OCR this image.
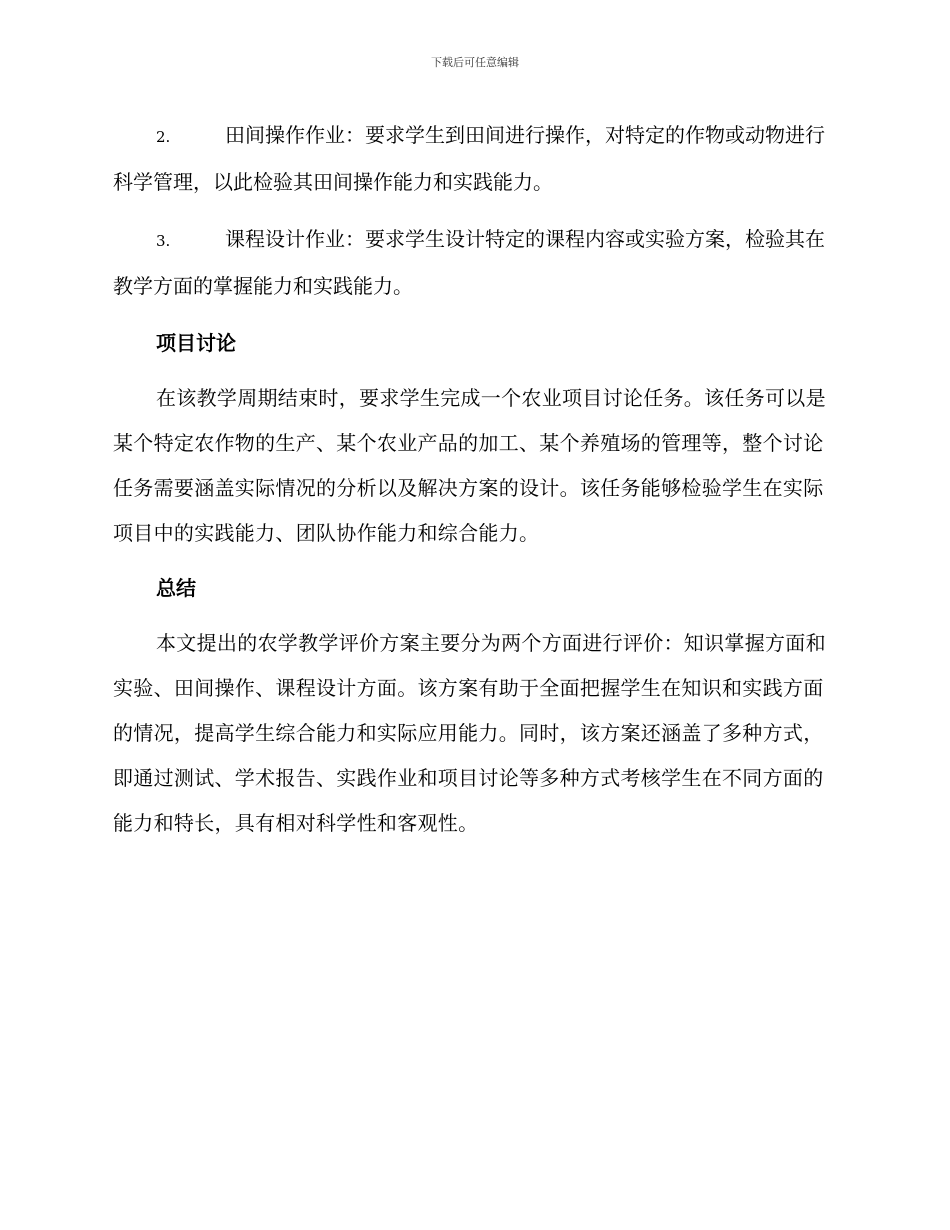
下载后可任意编辑

2.	田间操作作业：要求学生到田间进行操作，对特定的作物或动物进行科学管理，以此检验其田间操作能力和实践能力。

3.	课程设计作业：要求学生设计特定的课程内容或实验方案，检验其在教学方面的掌握能力和实践能力。

项目讨论

在该教学周期结束时，要求学生完成一个农业项目讨论任务。该任务可以是某个特定农作物的生产、某个农业产品的加工、某个养殖场的管理等，整个讨论任务需要涵盖实际情况的分析以及解决方案的设计。该任务能够检验学生在实际项目中的实践能力、团队协作能力和综合能力。

总结

本文提出的农学教学评价方案主要分为两个方面进行评价：知识掌握方面和实验、田间操作、课程设计方面。该方案有助于全面把握学生在知识和实践方面的情况，提高学生综合能力和实际应用能力。同时，该方案还涵盖了多种方式，即通过测试、学术报告、实践作业和项目讨论等多种方式考核学生在不同方面的能力和特长，具有相对科学性和客观性。
